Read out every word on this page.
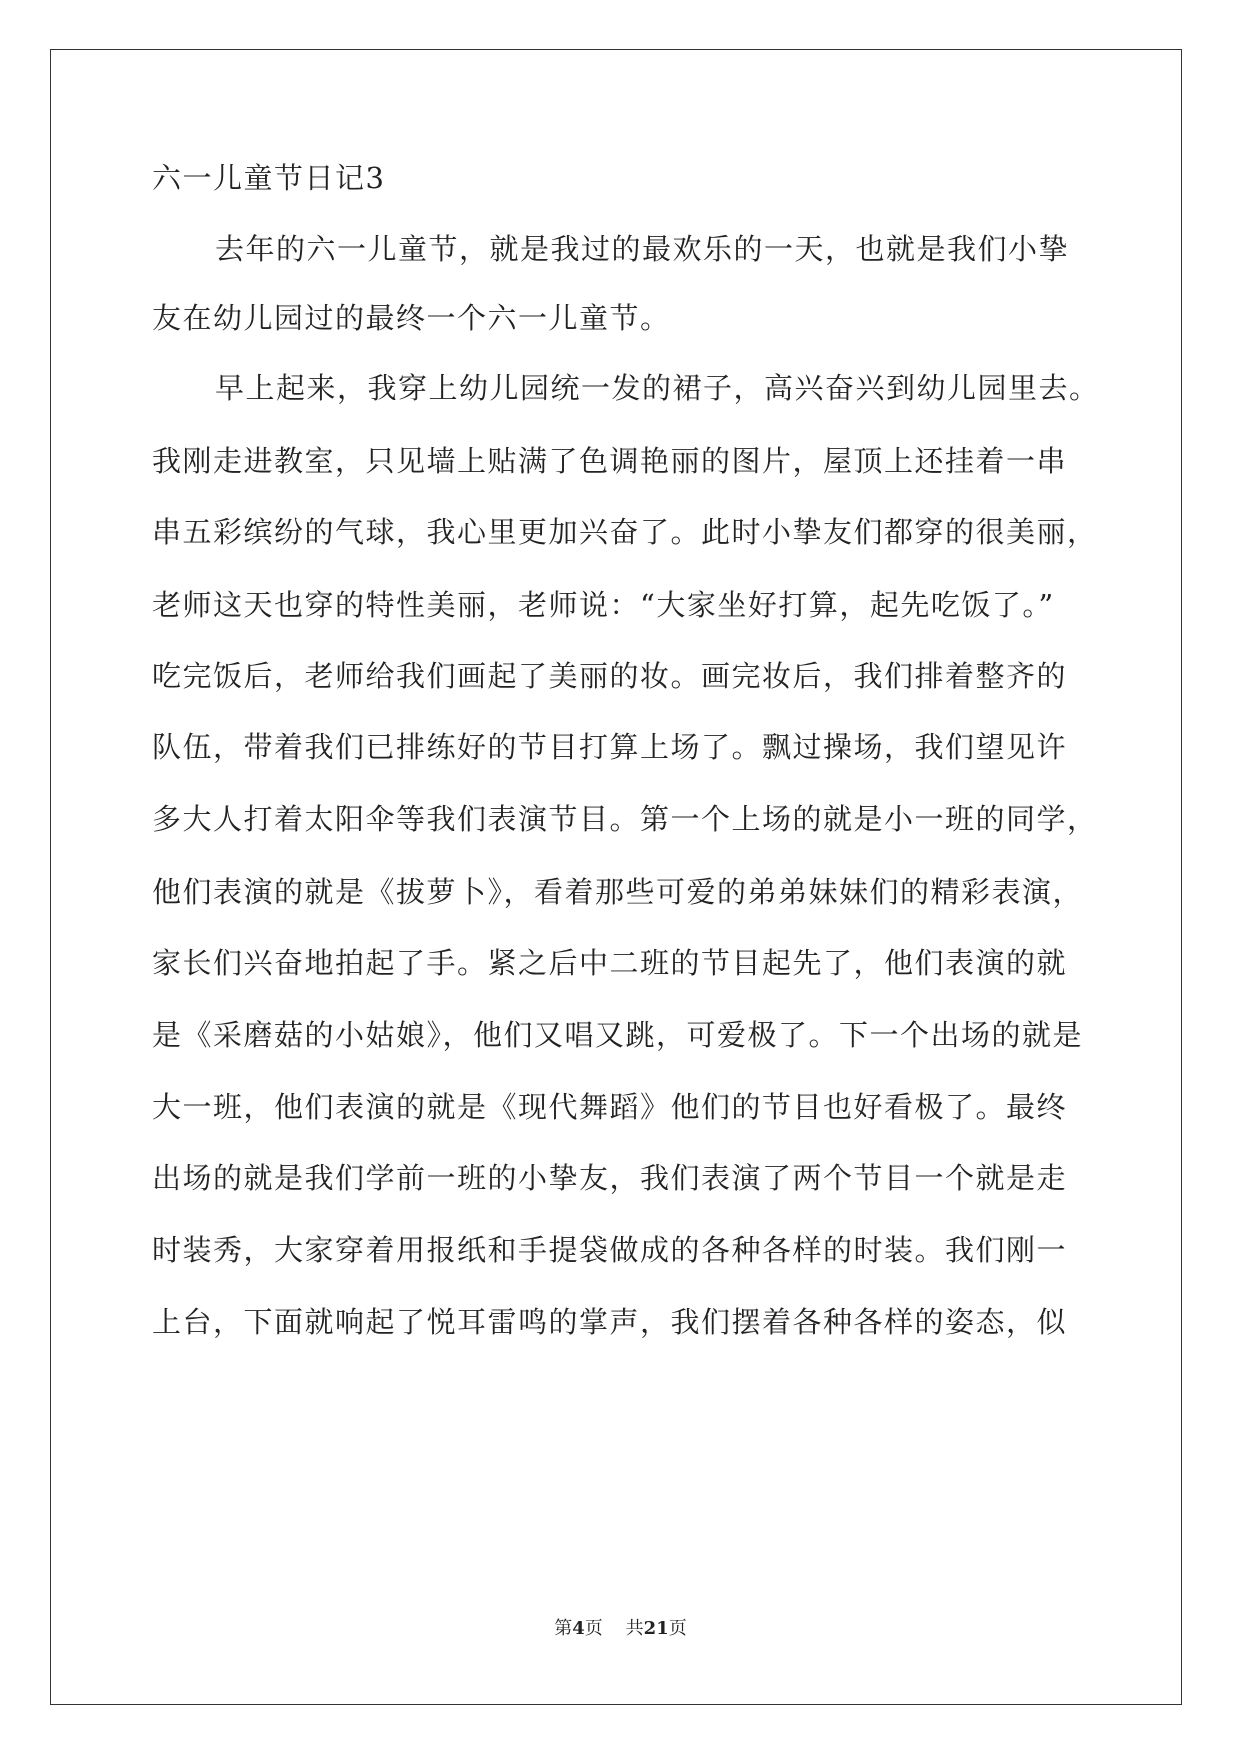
六一儿童节日记3
去年的六一儿童节，就是我过的最欢乐的一天，也就是我们小挚
友在幼儿园过的最终一个六一儿童节。
早上起来，我穿上幼儿园统一发的裙子，高兴奋兴到幼儿园里去。
我刚走进教室，只见墙上贴满了色调艳丽的图片，屋顶上还挂着一串
串五彩缤纷的气球，我心里更加兴奋了。此时小挚友们都穿的很美丽，
老师这天也穿的特性美丽，老师说：“大家坐好打算，起先吃饭了。”
吃完饭后，老师给我们画起了美丽的妆。画完妆后，我们排着整齐的
队伍，带着我们已排练好的节目打算上场了。飘过操场，我们望见许
多大人打着太阳伞等我们表演节目。第一个上场的就是小一班的同学，
他们表演的就是《拔萝卜》，看着那些可爱的弟弟妹妹们的精彩表演，
家长们兴奋地拍起了手。紧之后中二班的节目起先了，他们表演的就
是《采磨菇的小姑娘》，他们又唱又跳，可爱极了。下一个出场的就是
大一班，他们表演的就是《现代舞蹈》他们的节目也好看极了。最终
出场的就是我们学前一班的小挚友，我们表演了两个节目一个就是走
时装秀，大家穿着用报纸和手提袋做成的各种各样的时装。我们刚一
上台，下面就响起了悦耳雷鸣的掌声，我们摆着各种各样的姿态，似
第4页 共21页
